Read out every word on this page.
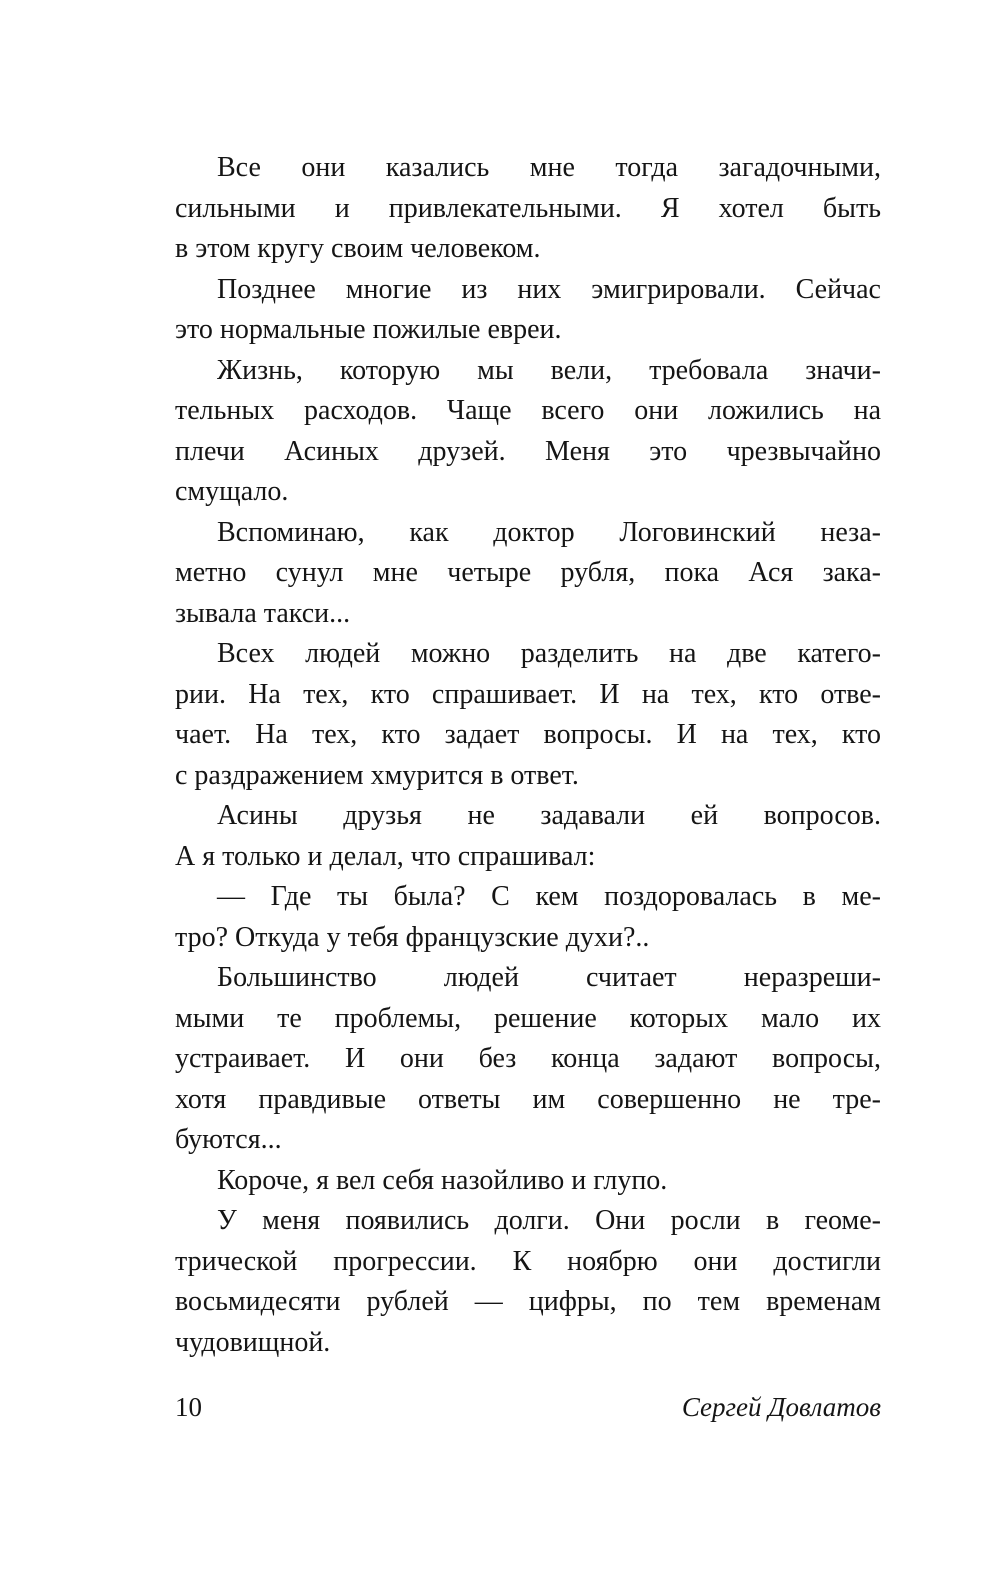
Все они казались мне тогда загадочными,
сильными и привлекательными. Я хотел быть
в этом кругу своим человеком.

Позднее многие из них эмигрировали. Сейчас
это нормальные пожилые евреи.

Жизнь, которую мы вели, требовала значи-
тельных расходов. Чаще всего они ложились на
плечи Асиных друзей. Меня это чрезвычайно
смущало.

Вспоминаю, как доктор Логовинский неза-
метно сунул мне четыре рубля, пока Ася зака-
зывала такси...

Всех людей можно разделить на две катего-
рии. На тех, кто спрашивает. И на тех, кто отве-
чает. На тех, кто задает вопросы. И на тех, кто
с раздражением хмурится в ответ.

Асины друзья не задавали ей вопросов.
А я только и делал, что спрашивал:

— Где ты была? С кем поздоровалась в ме-
тро? Откуда у тебя французские духи?..

Большинство людей считает неразреши-
мыми те проблемы, решение которых мало их
устраивает. И они без конца задают вопросы,
хотя правдивые ответы им совершенно не тре-
буются...

Короче, я вел себя назойливо и глупо.

У меня появились долги. Они росли в геоме-
трической прогрессии. К ноябрю они достигли
восьмидесяти рублей — цифры, по тем временам
чудовищной.

10	Сергей Довлатов
